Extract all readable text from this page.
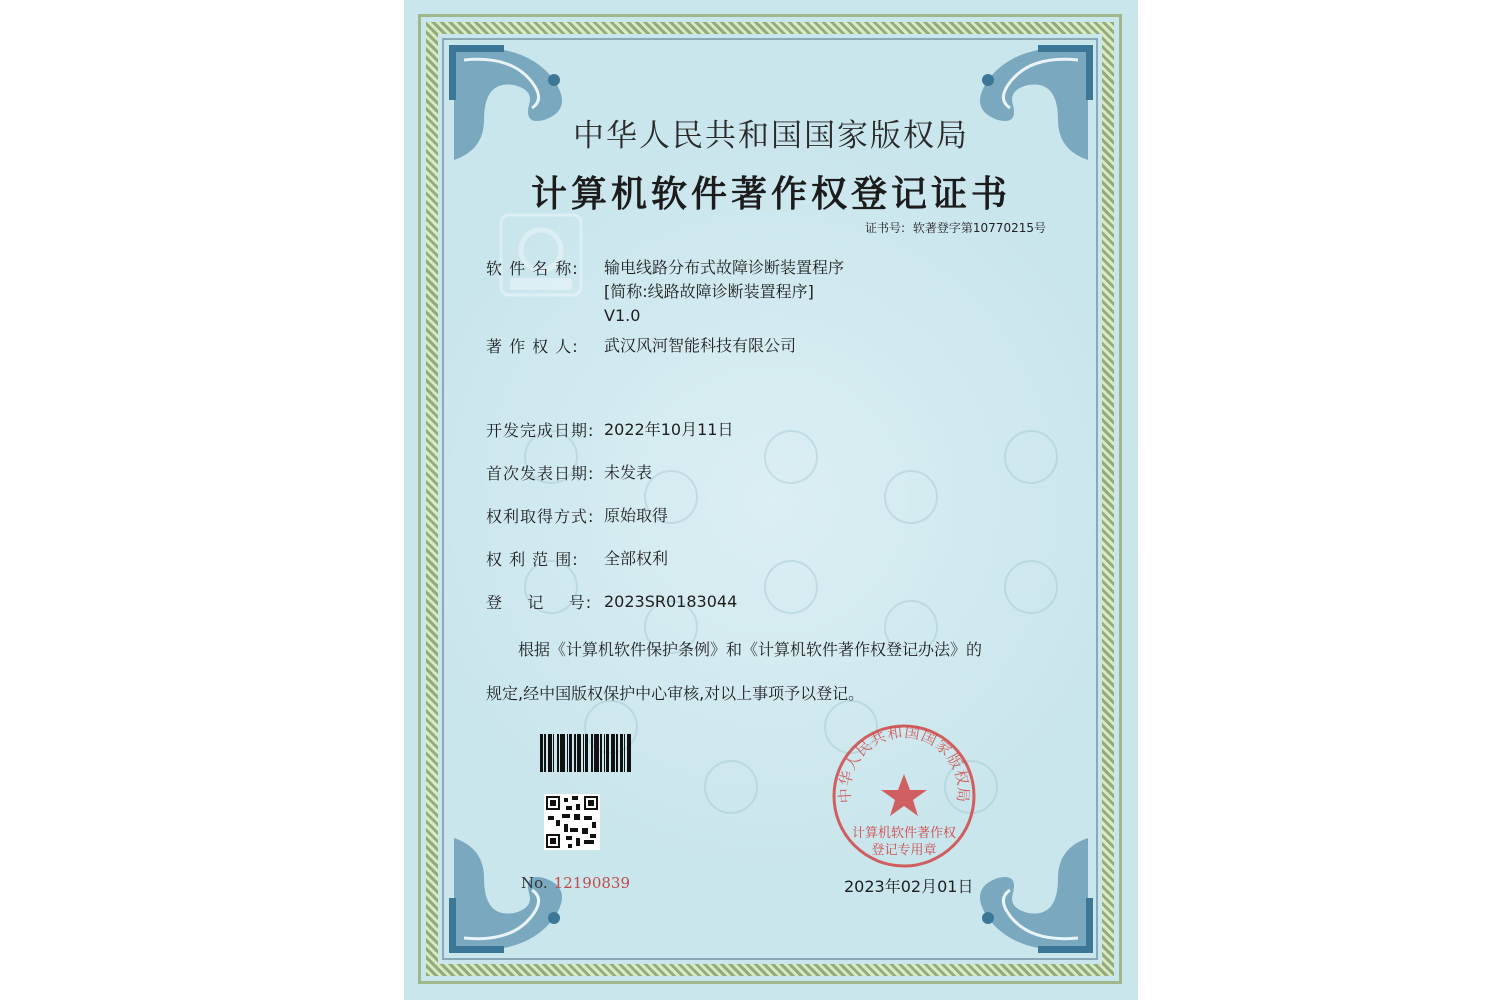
中华人民共和国国家版权局
计算机软件著作权登记证书
证书号: 软著登字第10770215号
软 件 名 称:	输电线路分布式故障诊断装置程序
[简称:线路故障诊断装置程序]
V1.0
著 作 权 人:	武汉风河智能科技有限公司
开发完成日期: 2022年10月11日
首次发表日期: 未发表
权利取得方式: 原始取得
权 利 范 围:	全部权利
登    记    号: 2023SR0183044
根据《计算机软件保护条例》和《计算机软件著作权登记办法》的
规定,经中国版权保护中心审核,对以上事项予以登记。
No. 12190839
中华人民共和国国家版权局
计算机软件著作权
登记专用章
2023年02月01日
